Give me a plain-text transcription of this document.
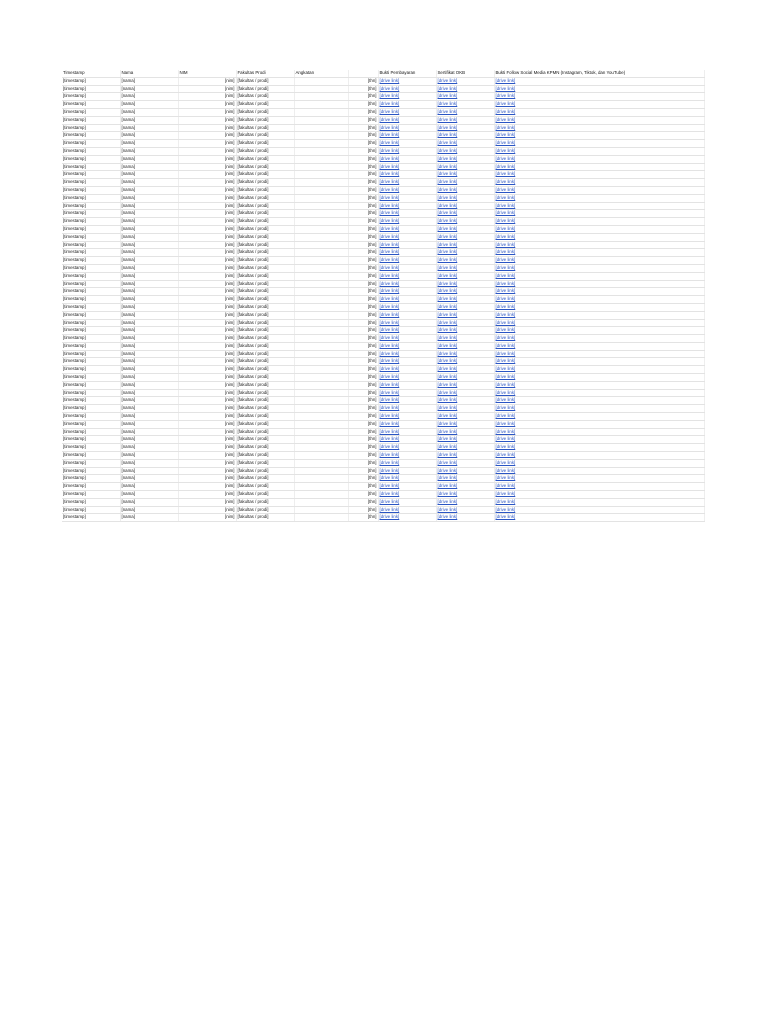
Timestamp	Nama	NIM	Fakultas Prodi	Angkatan		Bukti Pembayaran	Sertifikat OKB	Bukti Follow Social Media KPMN (Instagram, Tiktok, dan YouTube)
[timestamp]	[nama]	[nim]	[fakultas / prodi]		[thn]	[drive link]	[drive link]	[drive link]
[timestamp]	[nama]	[nim]	[fakultas / prodi]		[thn]	[drive link]	[drive link]	[drive link]
[timestamp]	[nama]	[nim]	[fakultas / prodi]		[thn]	[drive link]	[drive link]	[drive link]
[timestamp]	[nama]	[nim]	[fakultas / prodi]		[thn]	[drive link]	[drive link]	[drive link]
[timestamp]	[nama]	[nim]	[fakultas / prodi]		[thn]	[drive link]	[drive link]	[drive link]
[timestamp]	[nama]	[nim]	[fakultas / prodi]		[thn]	[drive link]	[drive link]	[drive link]
[timestamp]	[nama]	[nim]	[fakultas / prodi]		[thn]	[drive link]	[drive link]	[drive link]
[timestamp]	[nama]	[nim]	[fakultas / prodi]		[thn]	[drive link]	[drive link]	[drive link]
[timestamp]	[nama]	[nim]	[fakultas / prodi]		[thn]	[drive link]	[drive link]	[drive link]
[timestamp]	[nama]	[nim]	[fakultas / prodi]		[thn]	[drive link]	[drive link]	[drive link]
[timestamp]	[nama]	[nim]	[fakultas / prodi]		[thn]	[drive link]	[drive link]	[drive link]
[timestamp]	[nama]	[nim]	[fakultas / prodi]		[thn]	[drive link]	[drive link]	[drive link]
[timestamp]	[nama]	[nim]	[fakultas / prodi]		[thn]	[drive link]	[drive link]	[drive link]
[timestamp]	[nama]	[nim]	[fakultas / prodi]		[thn]	[drive link]	[drive link]	[drive link]
[timestamp]	[nama]	[nim]	[fakultas / prodi]		[thn]	[drive link]	[drive link]	[drive link]
[timestamp]	[nama]	[nim]	[fakultas / prodi]		[thn]	[drive link]	[drive link]	[drive link]
[timestamp]	[nama]	[nim]	[fakultas / prodi]		[thn]	[drive link]	[drive link]	[drive link]
[timestamp]	[nama]	[nim]	[fakultas / prodi]		[thn]	[drive link]	[drive link]	[drive link]
[timestamp]	[nama]	[nim]	[fakultas / prodi]		[thn]	[drive link]	[drive link]	[drive link]
[timestamp]	[nama]	[nim]	[fakultas / prodi]		[thn]	[drive link]	[drive link]	[drive link]
[timestamp]	[nama]	[nim]	[fakultas / prodi]		[thn]	[drive link]	[drive link]	[drive link]
[timestamp]	[nama]	[nim]	[fakultas / prodi]		[thn]	[drive link]	[drive link]	[drive link]
[timestamp]	[nama]	[nim]	[fakultas / prodi]		[thn]	[drive link]	[drive link]	[drive link]
[timestamp]	[nama]	[nim]	[fakultas / prodi]		[thn]	[drive link]	[drive link]	[drive link]
[timestamp]	[nama]	[nim]	[fakultas / prodi]		[thn]	[drive link]	[drive link]	[drive link]
[timestamp]	[nama]	[nim]	[fakultas / prodi]		[thn]	[drive link]	[drive link]	[drive link]
[timestamp]	[nama]	[nim]	[fakultas / prodi]		[thn]	[drive link]	[drive link]	[drive link]
[timestamp]	[nama]	[nim]	[fakultas / prodi]		[thn]	[drive link]	[drive link]	[drive link]
[timestamp]	[nama]	[nim]	[fakultas / prodi]		[thn]	[drive link]	[drive link]	[drive link]
[timestamp]	[nama]	[nim]	[fakultas / prodi]		[thn]	[drive link]	[drive link]	[drive link]
[timestamp]	[nama]	[nim]	[fakultas / prodi]		[thn]	[drive link]	[drive link]	[drive link]
[timestamp]	[nama]	[nim]	[fakultas / prodi]		[thn]	[drive link]	[drive link]	[drive link]
[timestamp]	[nama]	[nim]	[fakultas / prodi]		[thn]	[drive link]	[drive link]	[drive link]
[timestamp]	[nama]	[nim]	[fakultas / prodi]		[thn]	[drive link]	[drive link]	[drive link]
[timestamp]	[nama]	[nim]	[fakultas / prodi]		[thn]	[drive link]	[drive link]	[drive link]
[timestamp]	[nama]	[nim]	[fakultas / prodi]		[thn]	[drive link]	[drive link]	[drive link]
[timestamp]	[nama]	[nim]	[fakultas / prodi]		[thn]	[drive link]	[drive link]	[drive link]
[timestamp]	[nama]	[nim]	[fakultas / prodi]		[thn]	[drive link]	[drive link]	[drive link]
[timestamp]	[nama]	[nim]	[fakultas / prodi]		[thn]	[drive link]	[drive link]	[drive link]
[timestamp]	[nama]	[nim]	[fakultas / prodi]		[thn]	[drive link]	[drive link]	[drive link]
[timestamp]	[nama]	[nim]	[fakultas / prodi]		[thn]	[drive link]	[drive link]	[drive link]
[timestamp]	[nama]	[nim]	[fakultas / prodi]		[thn]	[drive link]	[drive link]	[drive link]
[timestamp]	[nama]	[nim]	[fakultas / prodi]		[thn]	[drive link]	[drive link]	[drive link]
[timestamp]	[nama]	[nim]	[fakultas / prodi]		[thn]	[drive link]	[drive link]	[drive link]
[timestamp]	[nama]	[nim]	[fakultas / prodi]		[thn]	[drive link]	[drive link]	[drive link]
[timestamp]	[nama]	[nim]	[fakultas / prodi]		[thn]	[drive link]	[drive link]	[drive link]
[timestamp]	[nama]	[nim]	[fakultas / prodi]		[thn]	[drive link]	[drive link]	[drive link]
[timestamp]	[nama]	[nim]	[fakultas / prodi]		[thn]	[drive link]	[drive link]	[drive link]
[timestamp]	[nama]	[nim]	[fakultas / prodi]		[thn]	[drive link]	[drive link]	[drive link]
[timestamp]	[nama]	[nim]	[fakultas / prodi]		[thn]	[drive link]	[drive link]	[drive link]
[timestamp]	[nama]	[nim]	[fakultas / prodi]		[thn]	[drive link]	[drive link]	[drive link]
[timestamp]	[nama]	[nim]	[fakultas / prodi]		[thn]	[drive link]	[drive link]	[drive link]
[timestamp]	[nama]	[nim]	[fakultas / prodi]		[thn]	[drive link]	[drive link]	[drive link]
[timestamp]	[nama]	[nim]	[fakultas / prodi]		[thn]	[drive link]	[drive link]	[drive link]
[timestamp]	[nama]	[nim]	[fakultas / prodi]		[thn]	[drive link]	[drive link]	[drive link]
[timestamp]	[nama]	[nim]	[fakultas / prodi]		[thn]	[drive link]	[drive link]	[drive link]
[timestamp]	[nama]	[nim]	[fakultas / prodi]		[thn]	[drive link]	[drive link]	[drive link]
